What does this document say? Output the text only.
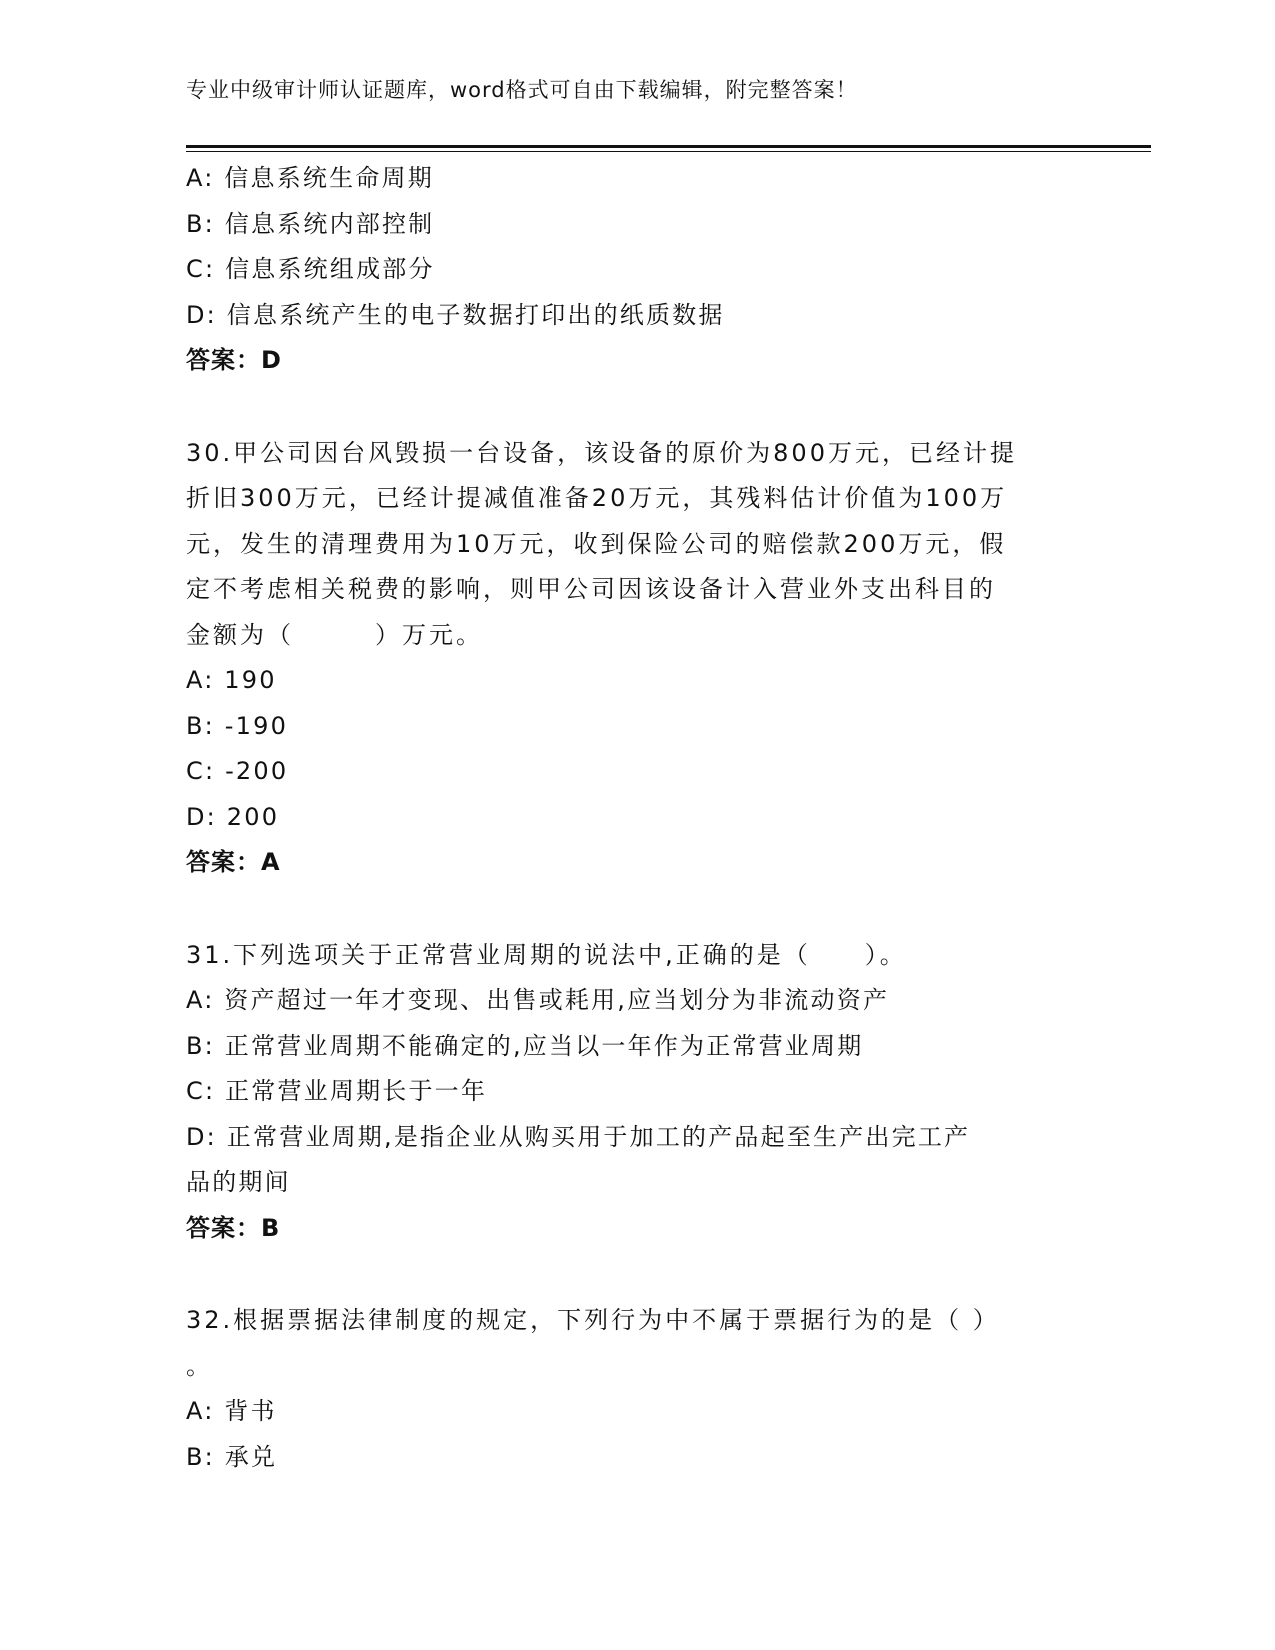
专业中级审计师认证题库，word格式可自由下载编辑，附完整答案！
A: 信息系统生命周期
B: 信息系统内部控制
C: 信息系统组成部分
D: 信息系统产生的电子数据打印出的纸质数据
答案：D
30.甲公司因台风毁损一台设备，该设备的原价为800万元，已经计提
折旧300万元，已经计提减值准备20万元，其残料估计价值为100万
元，发生的清理费用为10万元，收到保险公司的赔偿款200万元，假
定不考虑相关税费的影响，则甲公司因该设备计入营业外支出科目的
金额为（　　　）万元。
A: 190
B: -190
C: -200
D: 200
答案：A
31.下列选项关于正常营业周期的说法中,正确的是（　　）。
A: 资产超过一年才变现、出售或耗用,应当划分为非流动资产
B: 正常营业周期不能确定的,应当以一年作为正常营业周期
C: 正常营业周期长于一年
D: 正常营业周期,是指企业从购买用于加工的产品起至生产出完工产
品的期间
答案：B
32.根据票据法律制度的规定，下列行为中不属于票据行为的是（ ）
。
A: 背书
B: 承兑
